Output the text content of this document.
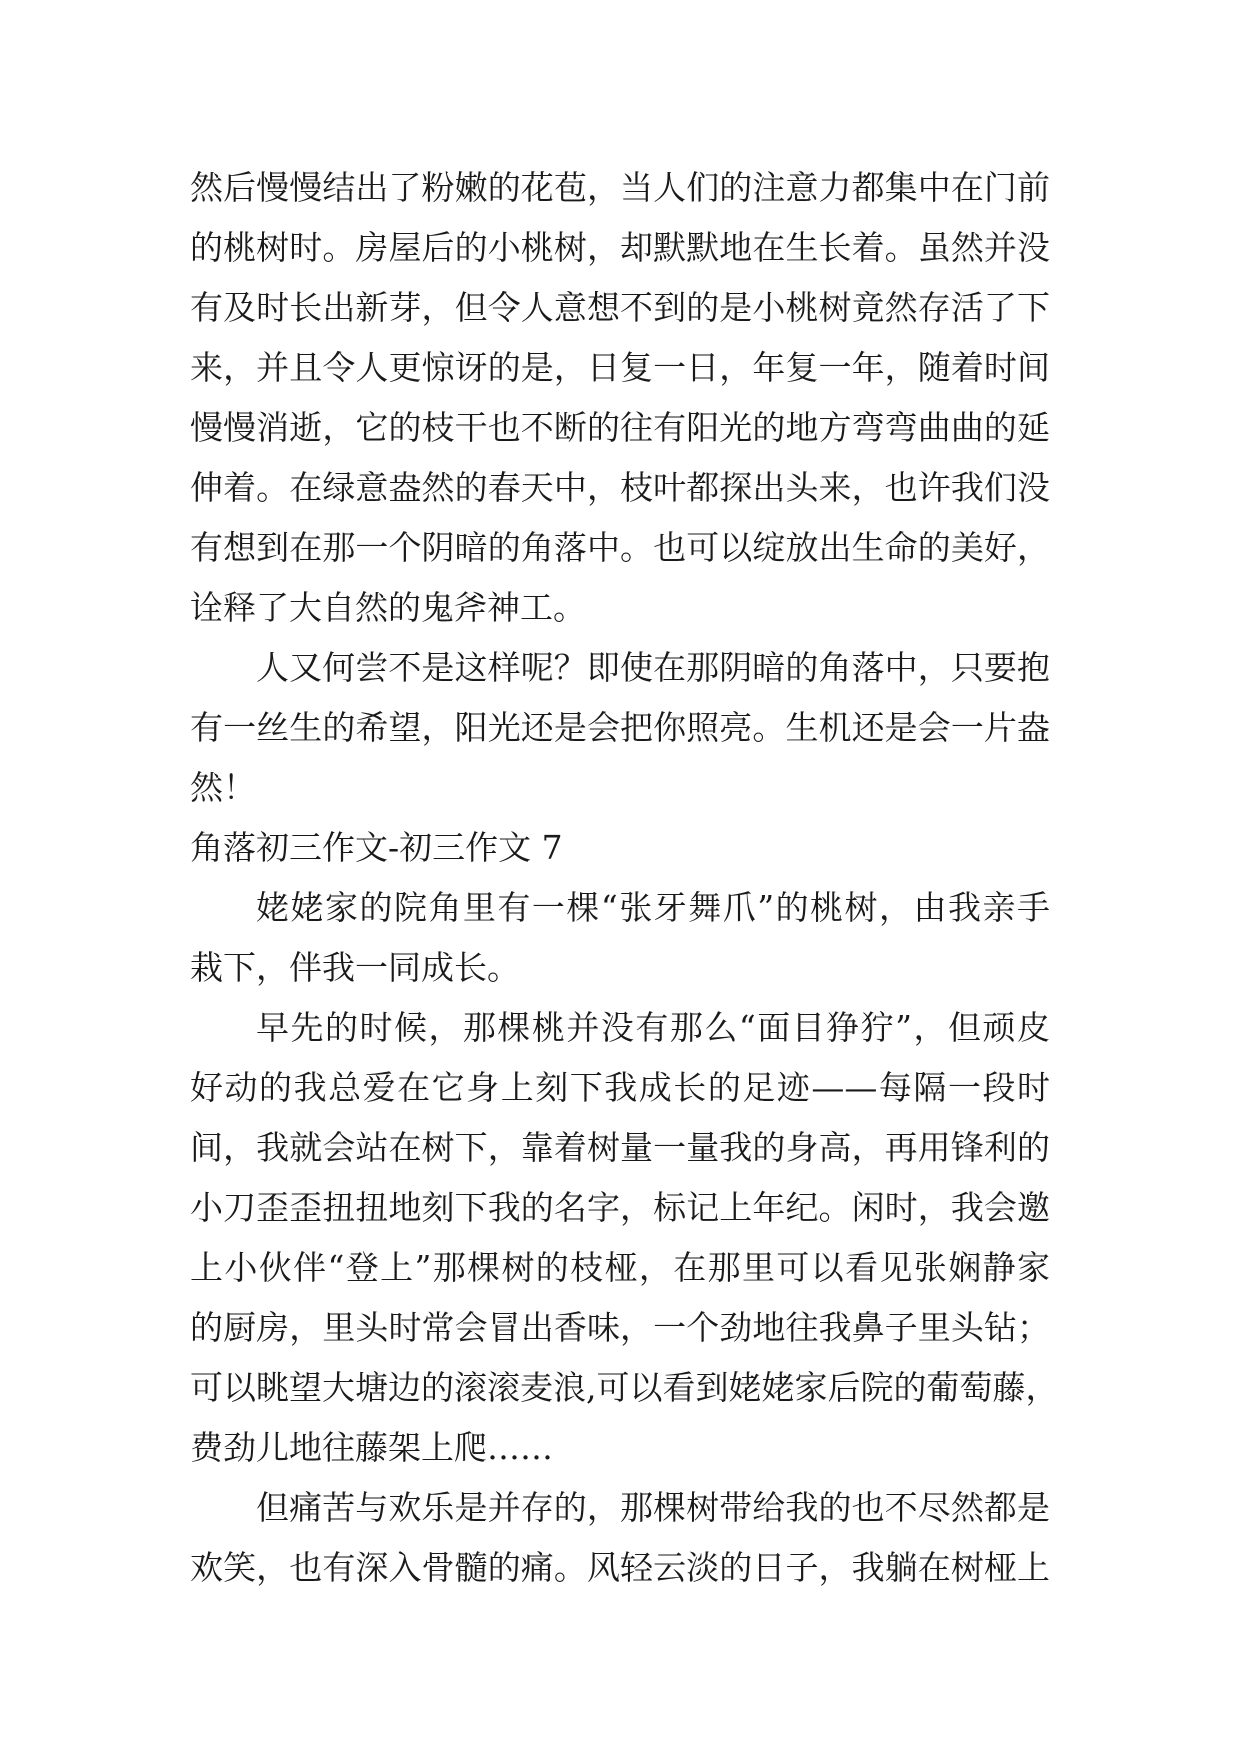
然后慢慢结出了粉嫩的花苞，当人们的注意力都集中在门前
的桃树时。房屋后的小桃树，却默默地在生长着。虽然并没
有及时长出新芽，但令人意想不到的是小桃树竟然存活了下
来，并且令人更惊讶的是，日复一日，年复一年，随着时间
慢慢消逝，它的枝干也不断的往有阳光的地方弯弯曲曲的延
伸着。在绿意盎然的春天中，枝叶都探出头来，也许我们没
有想到在那一个阴暗的角落中。也可以绽放出生命的美好，
诠释了大自然的鬼斧神工。
人又何尝不是这样呢？即使在那阴暗的角落中，只要抱
有一丝生的希望，阳光还是会把你照亮。生机还是会一片盎
然！
角落初三作文-初三作文 7
姥姥家的院角里有一棵“张牙舞爪”的桃树，由我亲手
栽下，伴我一同成长。
早先的时候，那棵桃并没有那么“面目狰狞”，但顽皮
好动的我总爱在它身上刻下我成长的足迹——每隔一段时
间，我就会站在树下，靠着树量一量我的身高，再用锋利的
小刀歪歪扭扭地刻下我的名字，标记上年纪。闲时，我会邀
上小伙伴“登上”那棵树的枝桠，在那里可以看见张娴静家
的厨房，里头时常会冒出香味，一个劲地往我鼻子里头钻；
可以眺望大塘边的滚滚麦浪,可以看到姥姥家后院的葡萄藤，
费劲儿地往藤架上爬……
但痛苦与欢乐是并存的，那棵树带给我的也不尽然都是
欢笑，也有深入骨髓的痛。风轻云淡的日子，我躺在树桠上
